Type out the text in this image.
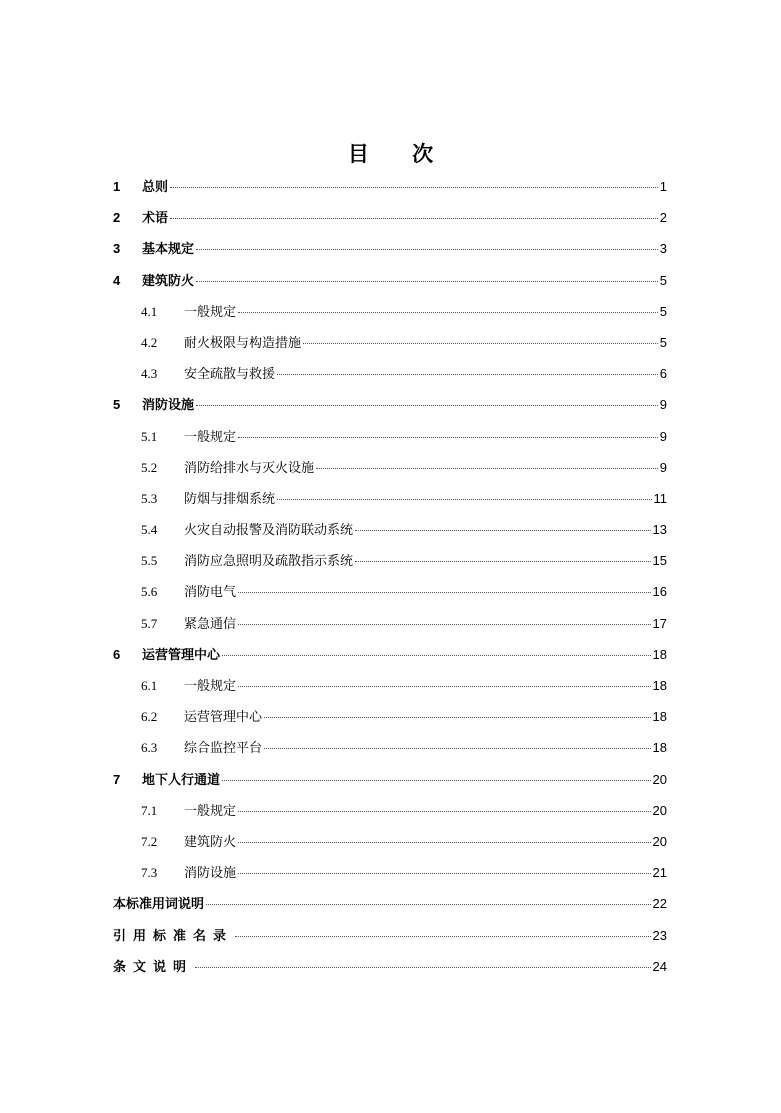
目 次
1	总则	1
2	术语	2
3	基本规定	3
4	建筑防火	5
4.1	一般规定	5
4.2	耐火极限与构造措施	5
4.3	安全疏散与救援	6
5	消防设施	9
5.1	一般规定	9
5.2	消防给排水与灭火设施	9
5.3	防烟与排烟系统	11
5.4	火灾自动报警及消防联动系统	13
5.5	消防应急照明及疏散指示系统	15
5.6	消防电气	16
5.7	紧急通信	17
6	运营管理中心	18
6.1	一般规定	18
6.2	运营管理中心	18
6.3	综合监控平台	18
7	地下人行通道	20
7.1	一般规定	20
7.2	建筑防火	20
7.3	消防设施	21
本标准用词说明	22
引用标准名录	23
条文说明	24
